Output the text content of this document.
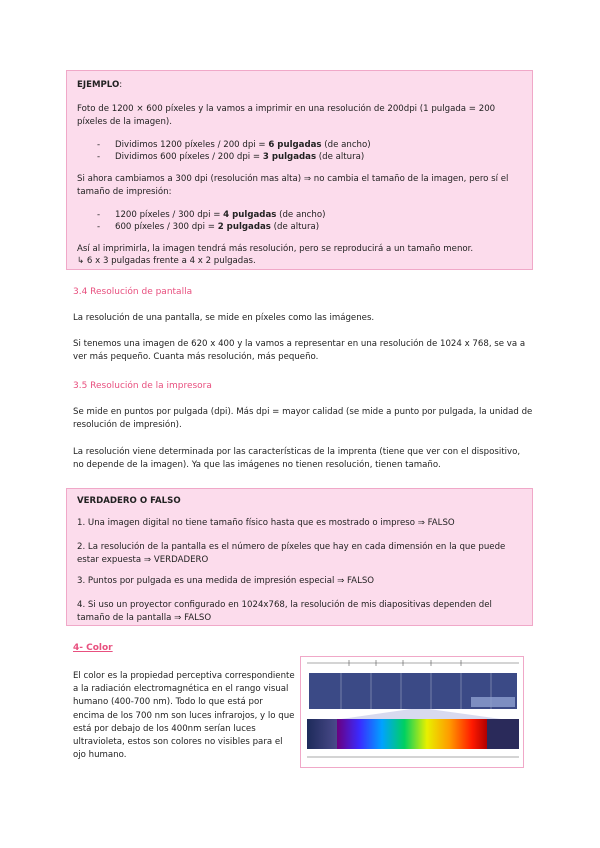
EJEMPLO:

Foto de 1200 × 600 píxeles y la vamos a imprimir en una resolución de 200dpi (1 pulgada = 200 píxeles de la imagen).

- Dividimos 1200 píxeles / 200 dpi = 6 pulgadas (de ancho)
- Dividimos 600 píxeles / 200 dpi = 3 pulgadas (de altura)

Si ahora cambiamos a 300 dpi (resolución mas alta) ⇒ no cambia el tamaño de la imagen, pero sí el tamaño de impresión:

- 1200 píxeles / 300 dpi = 4 pulgadas (de ancho)
- 600 píxeles / 300 dpi = 2 pulgadas (de altura)

Así al imprimirla, la imagen tendrá más resolución, pero se reproducirá a un tamaño menor.

↳ 6 x 3 pulgadas frente a 4 x 2 pulgadas.

3.4 Resolución de pantalla

La resolución de una pantalla, se mide en píxeles como las imágenes.

Si tenemos una imagen de 620 x 400 y la vamos a representar en una resolución de 1024 x 768, se va a ver más pequeño. Cuanta más resolución, más pequeño.

3.5 Resolución de la impresora

Se mide en puntos por pulgada (dpi). Más dpi = mayor calidad (se mide a punto por pulgada, la unidad de resolución de impresión).

La resolución viene determinada por las características de la imprenta (tiene que ver con el dispositivo, no depende de la imagen). Ya que las imágenes no tienen resolución, tienen tamaño.

VERDADERO O FALSO

1. Una imagen digital no tiene tamaño físico hasta que es mostrado o impreso ⇒ FALSO

2. La resolución de la pantalla es el número de píxeles que hay en cada dimensión en la que puede estar expuesta ⇒ VERDADERO

3. Puntos por pulgada es una medida de impresión especial ⇒ FALSO

4. Si uso un proyector configurado en 1024x768, la resolución de mis diapositivas dependen del tamaño de la pantalla ⇒ FALSO

4- Color

El color es la propiedad perceptiva correspondiente a la radiación electromagnética en el rango visual humano (400-700 nm). Todo lo que está por encima de los 700 nm son luces infrarojos, y lo que está por debajo de los 400nm serían luces ultravioleta, estos son colores no visibles para el ojo humano.
